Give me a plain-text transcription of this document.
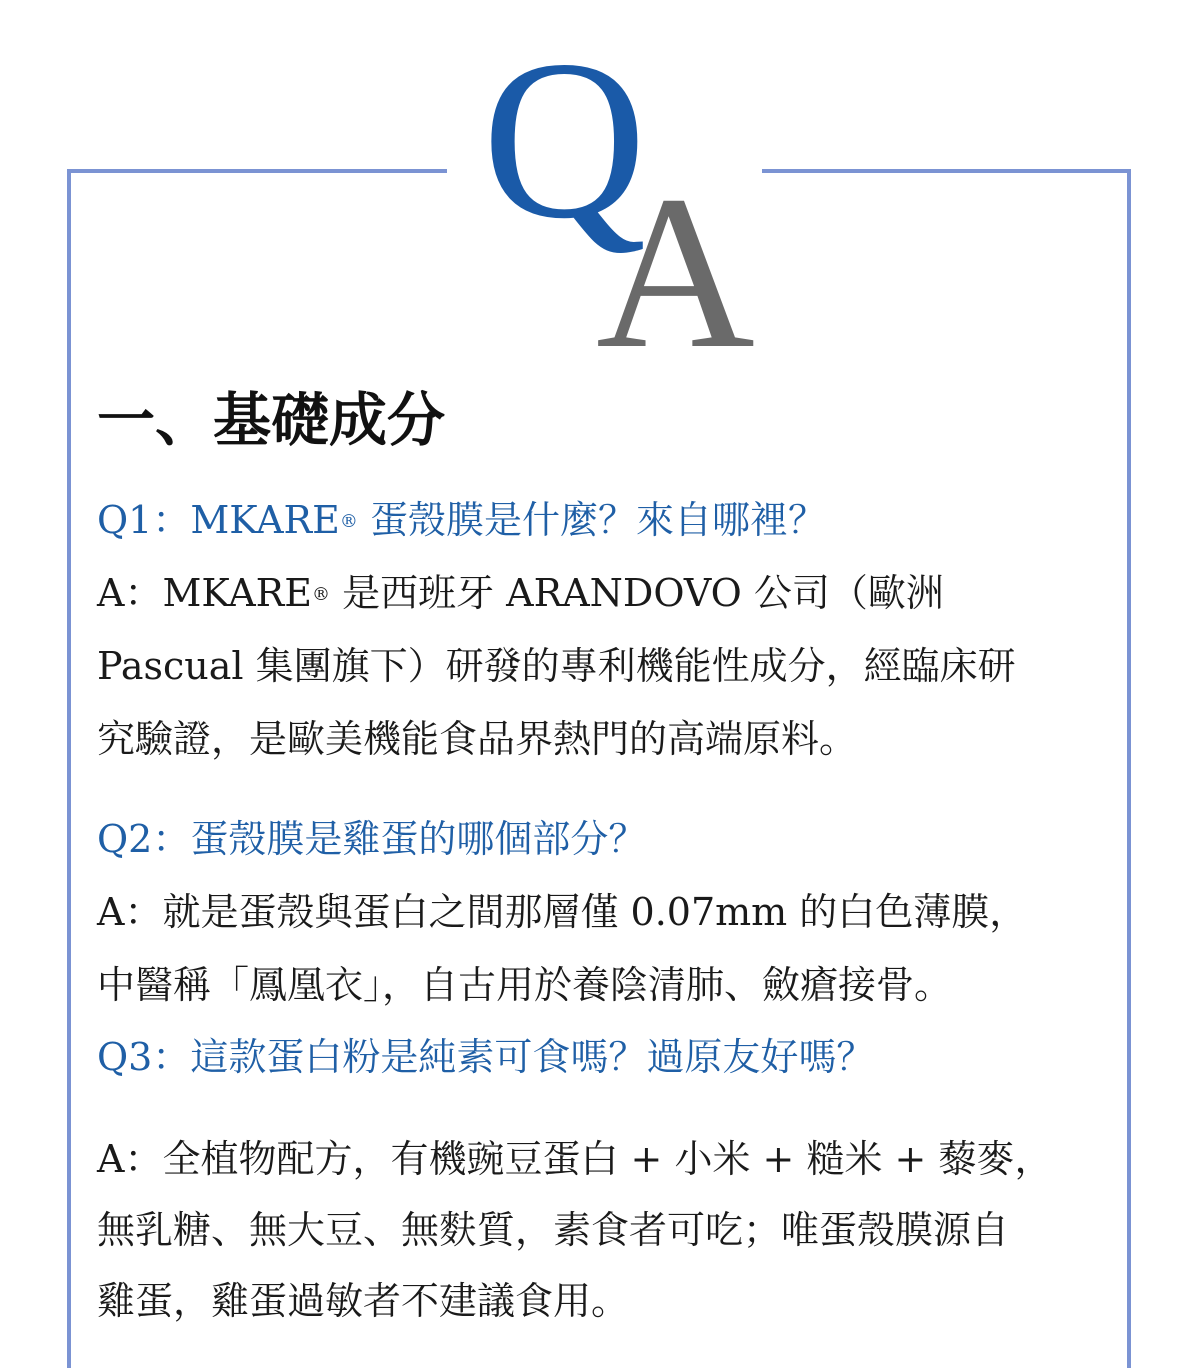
Q
A
一、基礎成分

Q1：MKARE® 蛋殼膜是什麼？來自哪裡？

A：MKARE® 是西班牙 ARANDOVO 公司（歐洲

Pascual 集團旗下）研發的專利機能性成分，經臨床研

究驗證，是歐美機能食品界熱門的高端原料。

Q2：蛋殼膜是雞蛋的哪個部分？

A：就是蛋殼與蛋白之間那層僅 0.07mm 的白色薄膜，

中醫稱「鳳凰衣」，自古用於養陰清肺、斂瘡接骨。

Q3：這款蛋白粉是純素可食嗎？過原友好嗎？

A：全植物配方，有機豌豆蛋白 + 小米 + 糙米 + 藜麥，

無乳糖、無大豆、無麩質，素食者可吃；唯蛋殼膜源自

雞蛋，雞蛋過敏者不建議食用。
